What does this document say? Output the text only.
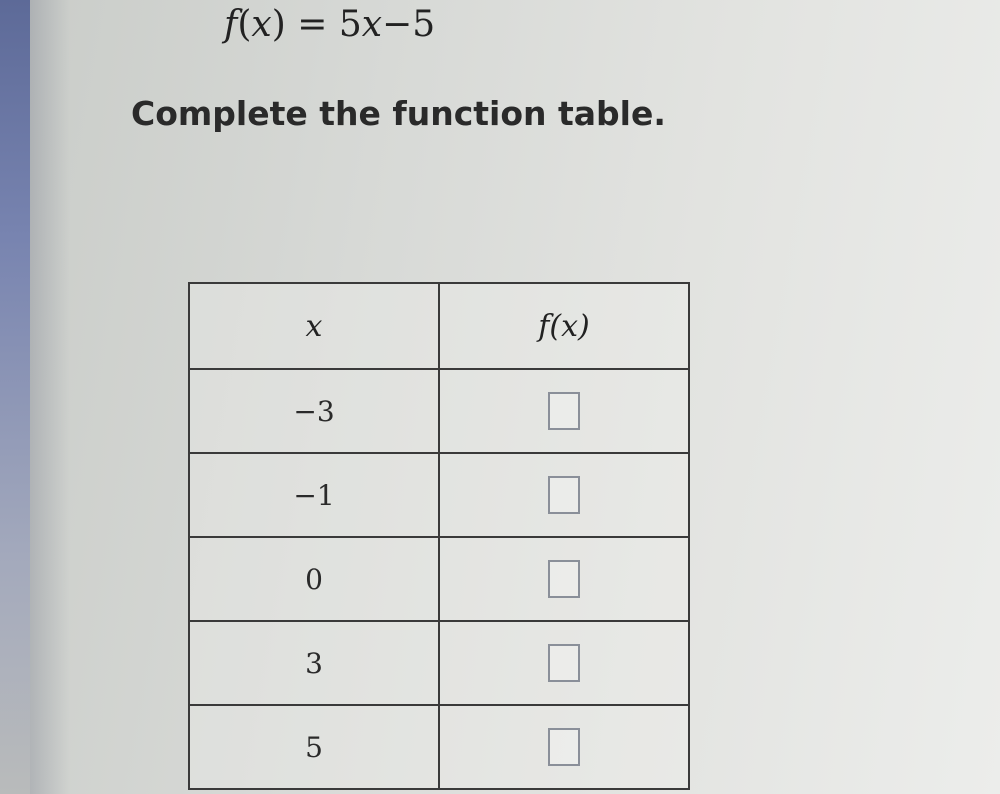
f(x) = 5x−5
Complete the function table.
x	f(x)
−3	
−1	
0	
3	
5	
